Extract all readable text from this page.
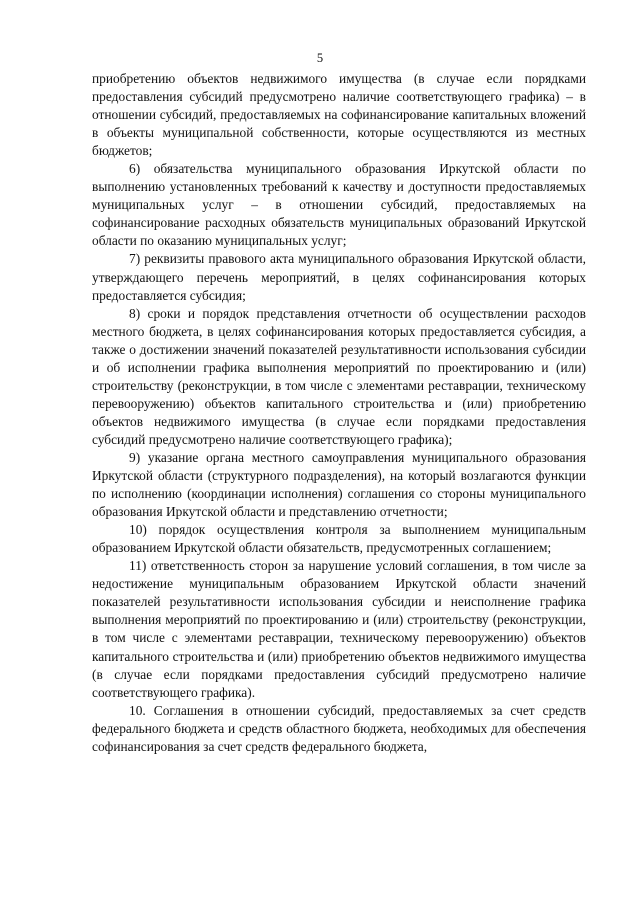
5

приобретению объектов недвижимого имущества (в случае если порядками предоставления субсидий предусмотрено наличие соответствующего графика) – в отношении субсидий, предоставляемых на софинансирование капитальных вложений в объекты муниципальной собственности, которые осуществляются из местных бюджетов;

6) обязательства муниципального образования Иркутской области по выполнению установленных требований к качеству и доступности предоставляемых муниципальных услуг – в отношении субсидий, предоставляемых на софинансирование расходных обязательств муниципальных образований Иркутской области по оказанию муниципальных услуг;

7) реквизиты правового акта муниципального образования Иркутской области, утверждающего перечень мероприятий, в целях софинансирования которых предоставляется субсидия;

8) сроки и порядок представления отчетности об осуществлении расходов местного бюджета, в целях софинансирования которых предоставляется субсидия, а также о достижении значений показателей результативности использования субсидии и об исполнении графика выполнения мероприятий по проектированию и (или) строительству (реконструкции, в том числе с элементами реставрации, техническому перевооружению) объектов капитального строительства и (или) приобретению объектов недвижимого имущества (в случае если порядками предоставления субсидий предусмотрено наличие соответствующего графика);

9) указание органа местного самоуправления муниципального образования Иркутской области (структурного подразделения), на который возлагаются функции по исполнению (координации исполнения) соглашения со стороны муниципального образования Иркутской области и представлению отчетности;

10) порядок осуществления контроля за выполнением муниципальным образованием Иркутской области обязательств, предусмотренных соглашением;

11) ответственность сторон за нарушение условий соглашения, в том числе за недостижение муниципальным образованием Иркутской области значений показателей результативности использования субсидии и неисполнение графика выполнения мероприятий по проектированию и (или) строительству (реконструкции, в том числе с элементами реставрации, техническому перевооружению) объектов капитального строительства и (или) приобретению объектов недвижимого имущества (в случае если порядками предоставления субсидий предусмотрено наличие соответствующего графика).

10. Соглашения в отношении субсидий, предоставляемых за счет средств федерального бюджета и средств областного бюджета, необходимых для обеспечения софинансирования за счет средств федерального бюджета,
